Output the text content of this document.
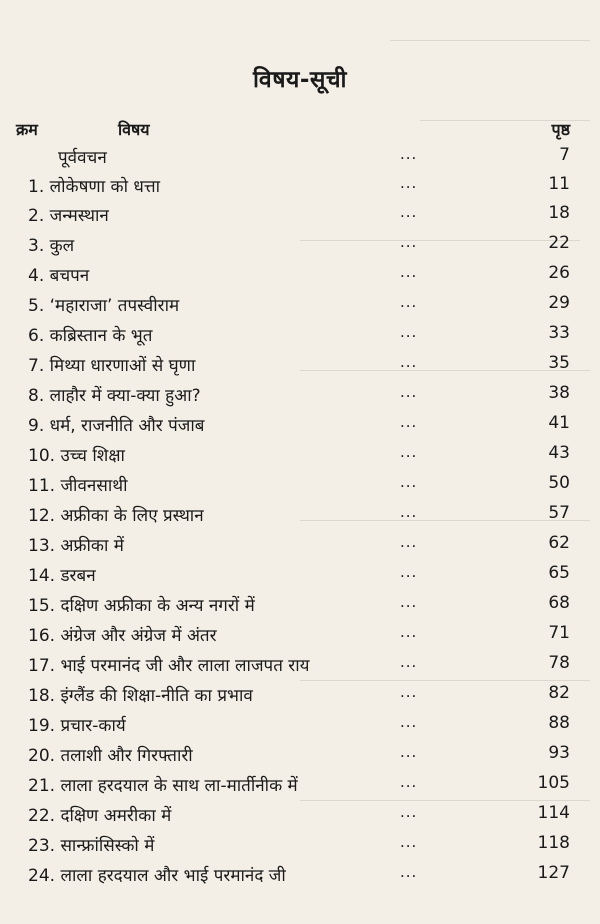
विषय-सूची
क्रम	विषय	पृष्ठ
पूर्ववचन	...	7
1. लोकेषणा को धत्ता	...	11
2. जन्मस्थान	...	18
3. कुल	...	22
4. बचपन	...	26
5. ‘महाराजा’ तपस्वीराम	...	29
6. कब्रिस्तान के भूत	...	33
7. मिथ्या धारणाओं से घृणा	...	35
8. लाहौर में क्या-क्या हुआ?	...	38
9. धर्म, राजनीति और पंजाब	...	41
10. उच्च शिक्षा	...	43
11. जीवनसाथी	...	50
12. अफ्रीका के लिए प्रस्थान	...	57
13. अफ्रीका में	...	62
14. डरबन	...	65
15. दक्षिण अफ्रीका के अन्य नगरों में	...	68
16. अंग्रेज और अंग्रेज में अंतर	...	71
17. भाई परमानंद जी और लाला लाजपत राय	...	78
18. इंग्लैंड की शिक्षा-नीति का प्रभाव	...	82
19. प्रचार-कार्य	...	88
20. तलाशी और गिरफ्तारी	...	93
21. लाला हरदयाल के साथ ला-मार्तीनीक में	...	105
22. दक्षिण अमरीका में	...	114
23. सान्फ्रांसिस्को में	...	118
24. लाला हरदयाल और भाई परमानंद जी	...	127
